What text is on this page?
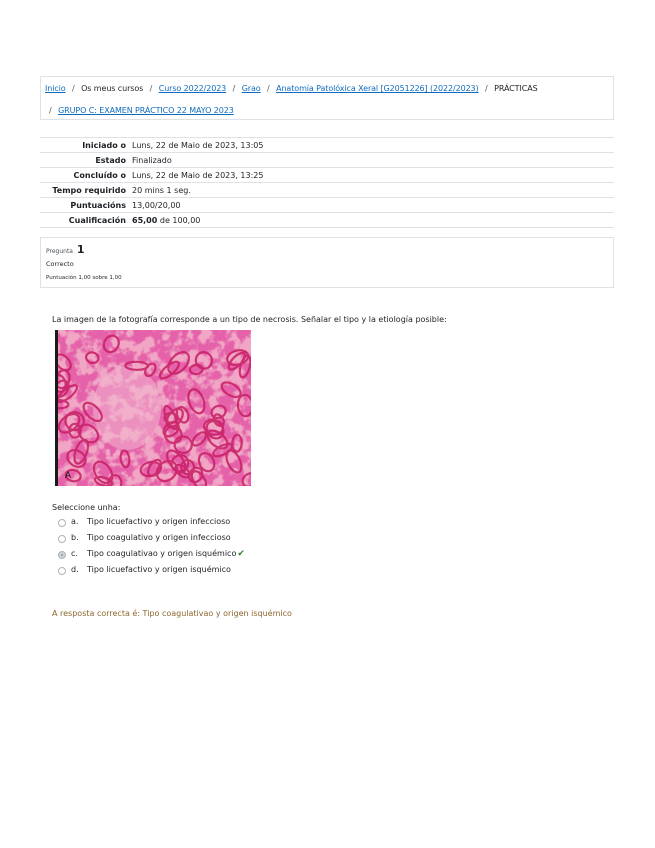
Inicio / Os meus cursos / Curso 2022/2023 / Grao / Anatomía Patolóxica Xeral [G2051226] (2022/2023) / PRÁCTICAS
/ GRUPO C: EXAMEN PRÁCTICO 22 MAYO 2023
Iniciado o	Luns, 22 de Maio de 2023, 13:05
Estado	Finalizado
Concluído o	Luns, 22 de Maio de 2023, 13:25
Tempo requirido	20 mins 1 seg.
Puntuacións	13,00/20,00
Cualificación	65,00 de 100,00
Pregunta 1
Correcto
Puntuación 1,00 sobre 1,00
La imagen de la fotografía corresponde a un tipo de necrosis. Señalar el tipo y la etiología posible:
A
Seleccione unha:
a. Tipo licuefactivo y origen infeccioso
b. Tipo coagulativo y origen infeccioso
c. Tipo coagulativao y origen isquémico✔
d. Tipo licuefactivo y origen isquémico
A resposta correcta é: Tipo coagulativao y origen isquémico
